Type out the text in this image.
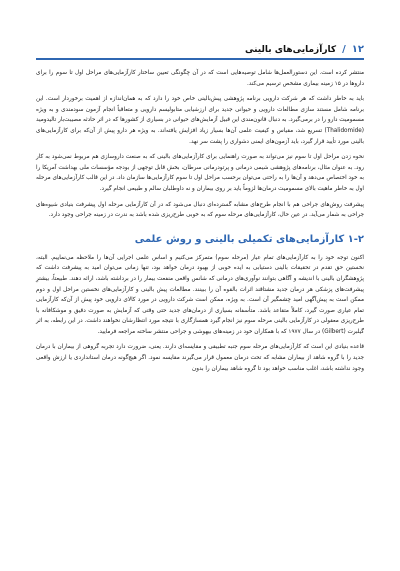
۱۲
/
کارآزمایی‌های بالینی

منتشر کرده است. این دستورالعمل‌ها شامل توصیه‌هایی است که در آن چگونگی تعیین ساختار کارآزمایی‌های مراحل اول تا سوم را برای داروها در ۱۵ زمینه بیماری مشخص ترسیم می‌کند.

باید به خاطر داشت که هر شرکت دارویی برنامه پژوهشی پیش‌بالینی خاص خود را دارد که به همان‌اندازه از اهمیت برخوردار است. این برنامه شامل مستند سازی مطالعات دارویی و حیوانی جدید برای ارزشیابی متابولیسم دارویی و متعاقباً انجام آزمون سودمندی و به ویژه مسمومیت دارو را در برمی‌گیرد. به دنبال قانون‌مندی این قبیل آزمایش‌های حیوانی در بسیاری از کشورها که در اثر حادثه مصیبت‌بار تالیدومید (Thalidomide) تسریع شد، مقیاس و کیفیت علمی آن‌ها بسیار زیاد افزایش یافته‌اند. به ویژه هر دارو پیش از آن‌که برای کارآزمایی‌های بالینی مورد تأیید قرار گیرد، باید آزمون‌های ایمنی دشواری را پشت سر نهد.

نحوه زدن مراحل اول تا سوم نیز می‌تواند به صورت راهنمایی برای کارآزمایی‌های بالینی که به صنعت داروسازی هم مربوط نمی‌شود به کار رود. به عنوان مثال، برنامه‌های پژوهشی شیمی درمانی و پرتودرمانی سرطان، بخش قابل توجهی از بودجه مؤسسات ملی بهداشت آمریکا را به خود اختصاص می‌دهد و آن‌ها را به راحتی می‌توان برحسب مراحل اول تا سوم کارآزمایی‌ها سازمان داد. در این قالب کارآزمایی‌های مرحله اول به خاطر ماهیت بالای مسمومیت درمان‌ها لزوماً باید بر روی بیماران و نه داوطلبان سالم و طبیعی انجام گیرد.

پیشرفت روش‌های جراحی هم با انجام طرح‌های مشابه گسترده‌ای دنبال می‌شود که در آن کارآزمایی مرحله اول پیشرفت بنیادی شیوه‌های جراحی به شمار می‌آید. در عین حال، کارآزمایی‌های مرحله سوم که به خوبی طرح‌ریزی شده باشد به ندرت در زمینه جراحی وجود دارد.

۱-۲ کارآزمایی‌های تکمیلی بالینی و روش علمی

اکنون توجه خود را به کارآزمایی‌های تمام عیار (مرحله سوم) متمرکز می‌کنیم و اساس علمی اجرایی آن‌ها را ملاحظه می‌نماییم. البته، نخستین حق تقدم در تحقیقات بالینی دستیابی به ایده خوبی از بهبود درمان خواهد بود، تنها زمانی می‌توان امید به پیشرفت داشت که پژوهشگران بالینی با اندیشه و آگاهی بتوانند نوآوری‌های درمانی که شانس واقعی منفعت بیمار را در برداشته باشد، ارائه دهند. طبیعتاً، بیشترِ پیشرفت‌های پزشکی هر درمان جدید مشتاقند اثرات بالقوه آن را ببینند. مطالعات پیش بالینی و کارآزمایی‌های نخستین مراحل اول و دوم ممکن است به پیش‌آگهی امید چشمگیر آن است. به ویژه، ممکن است شرکت دارویی در مورد کالای دارویی خود پیش از آن‌که کارآزمایی تمام عیاری صورت گیرد، کاملاً متقاعد باشد. متأسفانه بسیاری از درمان‌های جدید حتی وقتی که آزمایش به صورت دقیق و موشکافانه با طرح‌ریزی معقولی در کارآزمایی بالینی مرحله سوم نیز انجام گیرد همسازگاری با نتیجه مورد انتظارشان نخواهند داشت. در این رابطه، به اثر گیلبرت (Gilbert) در سال ۱۹۷۷ که با همکاران خود در زمینه‌های بیهوشی و جراحی منتشر ساخته مراجعه فرمایید.

قاعده بنیادی این است که کارآزمایی‌های مرحله سوم جنبه تطبیقی و مقایسه‌ای دارند. یعنی، ضرورت دارد تجربه گروهی از بیماران با درمان جدید را با گروه شاهد از بیماران مشابه که تحت درمان معمول قرار می‌گیرند مقایسه نمود. اگر هیچ‌گونه درمان استانداردی یا ارزش واقعی وجود نداشته باشد، اغلب مناسب خواهد بود تا گروه شاهد بیماران را بدون
